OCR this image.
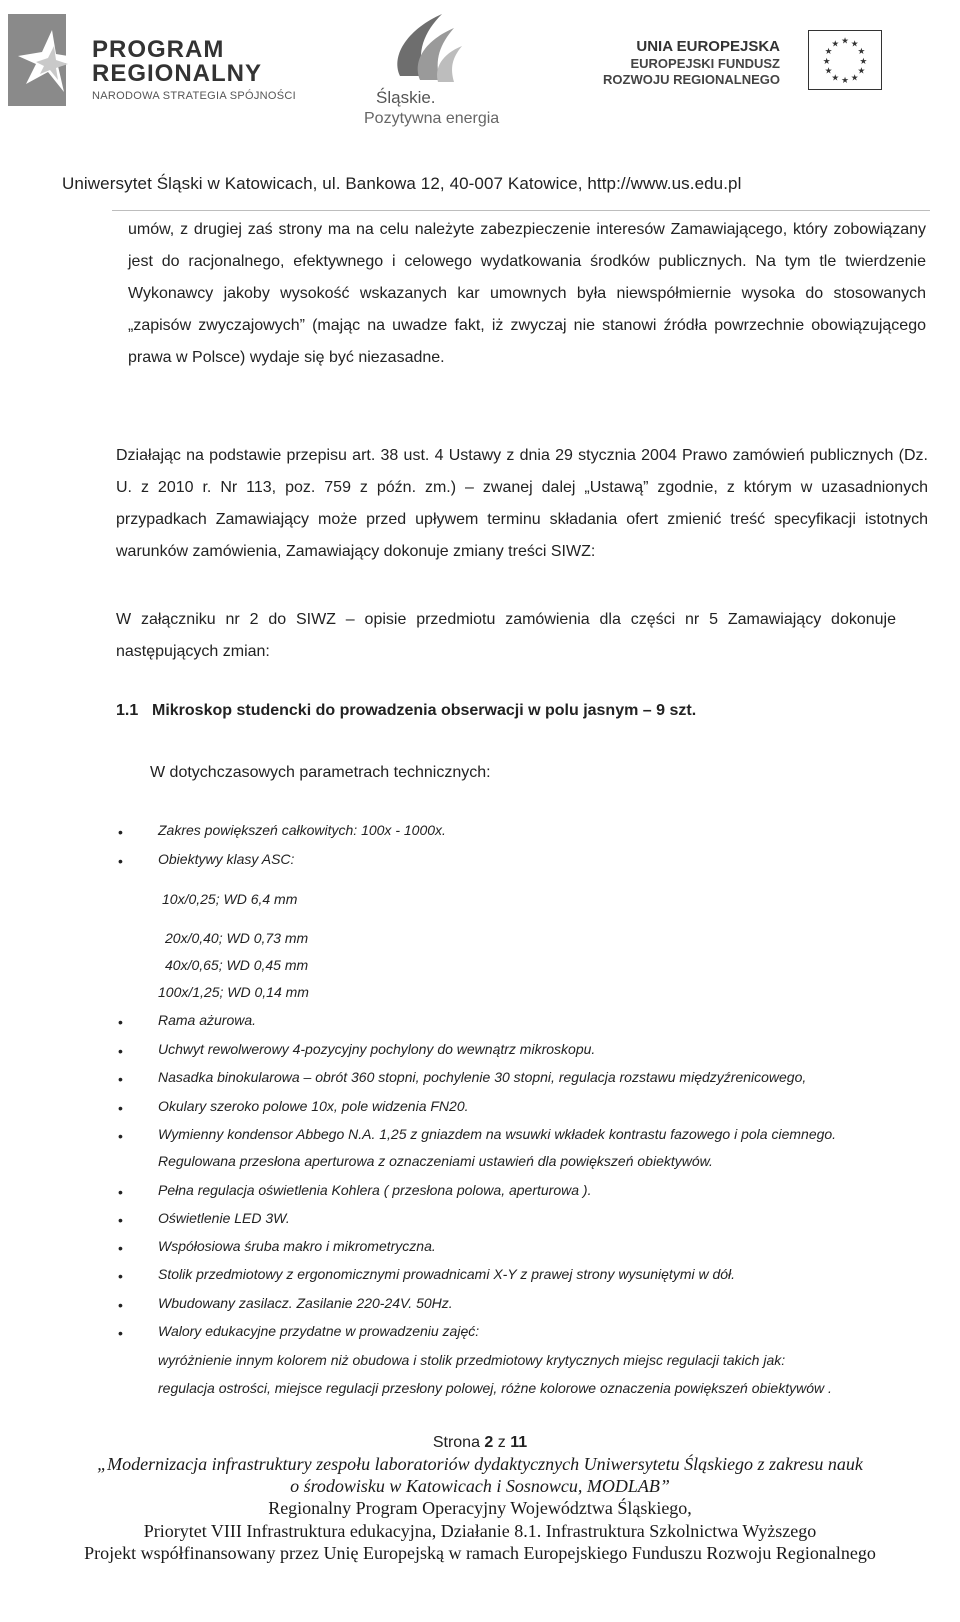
PROGRAM
REGIONALNY
NARODOWA STRATEGIA SPÓJNOŚCI	Śląskie.
Pozytywna energia
UNIA EUROPEJSKA
EUROPEJSKI FUNDUSZ
ROZWOJU REGIONALNEGO
★ ★
★
★
★
★
★
★
★
★
★
★
Uniwersytet Śląski w Katowicach, ul. Bankowa 12, 40-007 Katowice, http://www.us.edu.pl
umów, z drugiej zaś strony ma na celu należyte zabezpieczenie interesów Zamawiającego, który zobowiązany jest do racjonalnego, efektywnego i celowego wydatkowania środków publicznych. Na tym tle twierdzenie Wykonawcy jakoby wysokość wskazanych kar umownych była niewspółmiernie wysoka do stosowanych „zapisów zwyczajowych” (mając na uwadze fakt, iż zwyczaj nie stanowi źródła powrzechnie obowiązującego prawa w Polsce) wydaje się być niezasadne.
Działając na podstawie przepisu art. 38 ust. 4 Ustawy z dnia 29 stycznia 2004 Prawo zamówień publicznych (Dz. U. z 2010 r. Nr 113, poz. 759 z późn. zm.) – zwanej dalej „Ustawą” zgodnie, z którym w uzasadnionych przypadkach Zamawiający może przed upływem terminu składania ofert zmienić treść specyfikacji istotnych warunków zamówienia, Zamawiający dokonuje zmiany treści SIWZ:
W załączniku nr 2 do SIWZ – opisie przedmiotu zamówienia dla części nr 5 Zamawiający dokonuje następujących zmian:
1.1 Mikroskop studencki do prowadzenia obserwacji w polu jasnym – 9 szt.
W dotychczasowych parametrach technicznych:
•	Zakres powiększeń całkowitych: 100x - 1000x.
•	Obiektywy klasy ASC:
10x/0,25; WD 6,4 mm
20x/0,40; WD 0,73 mm
40x/0,65; WD 0,45 mm
100x/1,25; WD 0,14 mm
•	Rama ażurowa.
•	Uchwyt rewolwerowy 4-pozycyjny pochylony do wewnątrz mikroskopu.
•	Nasadka binokularowa – obrót 360 stopni, pochylenie 30 stopni, regulacja rozstawu międzyźrenicowego,
•	Okulary szeroko polowe 10x, pole widzenia FN20.
•	Wymienny kondensor Abbego N.A. 1,25 z gniazdem na wsuwki wkładek kontrastu fazowego i pola ciemnego.
Regulowana przesłona aperturowa z oznaczeniami ustawień dla powiększeń obiektywów.
•	Pełna regulacja oświetlenia Kohlera ( przesłona polowa, aperturowa ).
•	Oświetlenie LED 3W.
•	Współosiowa śruba makro i mikrometryczna.
•	Stolik przedmiotowy z ergonomicznymi prowadnicami X-Y z prawej strony wysuniętymi w dół.
•	Wbudowany zasilacz. Zasilanie 220-24V. 50Hz.
•	Walory edukacyjne przydatne w prowadzeniu zajęć:
wyróżnienie innym kolorem niż obudowa i stolik przedmiotowy krytycznych miejsc regulacji takich jak:
regulacja ostrości, miejsce regulacji przesłony polowej, różne kolorowe oznaczenia powiększeń obiektywów .
Strona 2 z 11
„Modernizacja infrastruktury zespołu laboratoriów dydaktycznych Uniwersytetu Śląskiego z zakresu nauk
o środowisku w Katowicach i Sosnowcu, MODLAB”
Regionalny Program Operacyjny Województwa Śląskiego,
Priorytet VIII Infrastruktura edukacyjna, Działanie 8.1. Infrastruktura Szkolnictwa Wyższego
Projekt współfinansowany przez Unię Europejską w ramach Europejskiego Funduszu Rozwoju Regionalnego
